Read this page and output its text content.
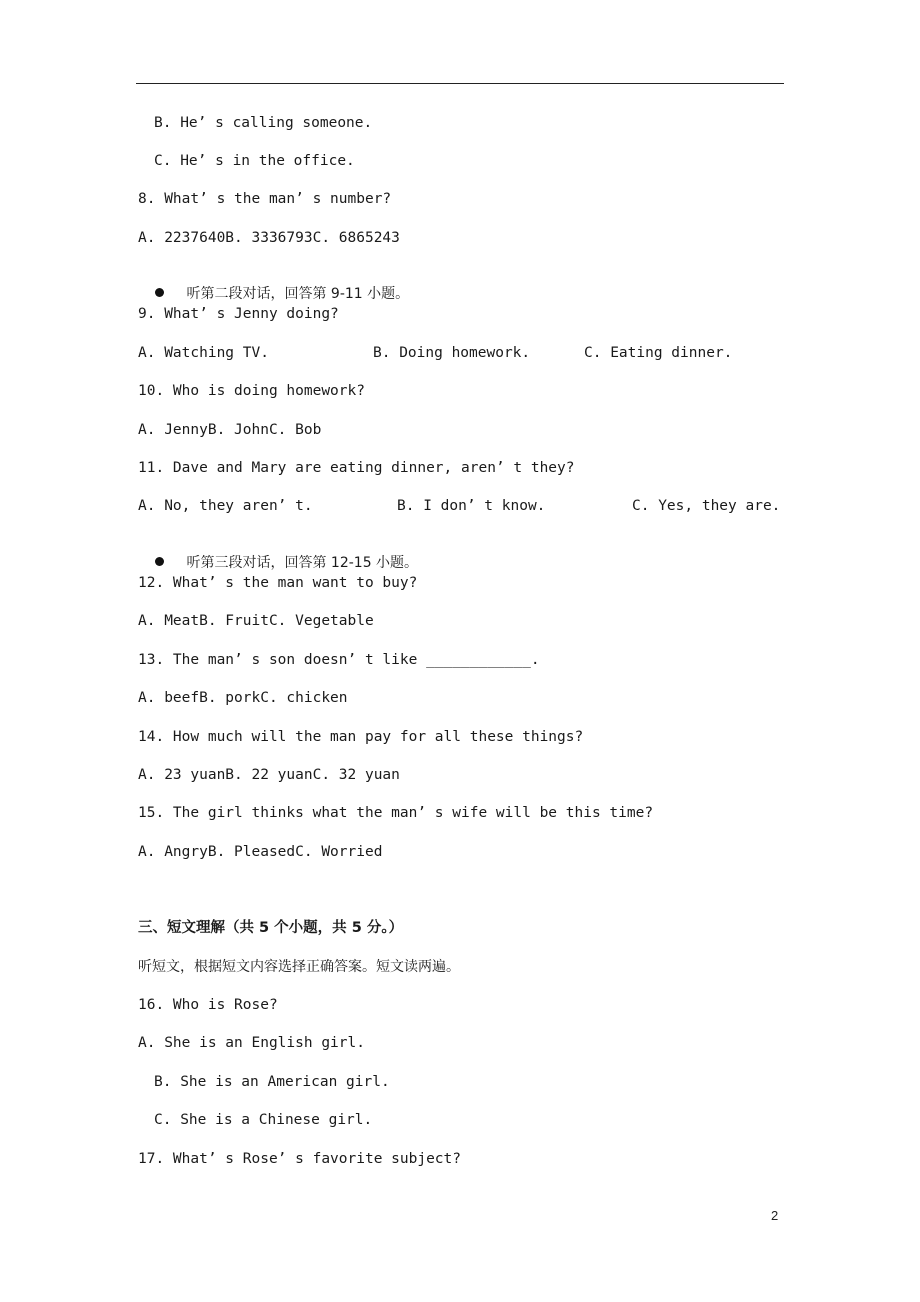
B. He’ s calling someone.
C. He’ s in the office.
8. What’ s the man’ s number?
A. 2237640B. 3336793C. 6865243

听第二段对话，回答第 9-11 小题。

9. What’ s Jenny doing?

A. Watching TV.

	B. Doing homework.

	C. Eating dinner.

10. Who is doing homework?
A. JennyB. JohnC. Bob
11. Dave and Mary are eating dinner, aren’ t they?

A. No, they aren’ t.

	B. I don’ t know.

	C. Yes, they are.

听第三段对话，回答第 12-15 小题。

12. What’ s the man want to buy?
A. MeatB. FruitC. Vegetable
13. The man’ s son doesn’ t like ____________.
A. beefB. porkC. chicken
14. How much will the man pay for all these things?
A. 23 yuanB. 22 yuanC. 32 yuan
15. The girl thinks what the man’ s wife will be this time?
A. AngryB. PleasedC. Worried
三、短文理解（共 5 个小题，共 5 分。）
听短文，根据短文内容选择正确答案。短文读两遍。
16. Who is Rose?
A. She is an English girl.
B. She is an American girl.
C. She is a Chinese girl.
17. What’ s Rose’ s favorite subject?
2
